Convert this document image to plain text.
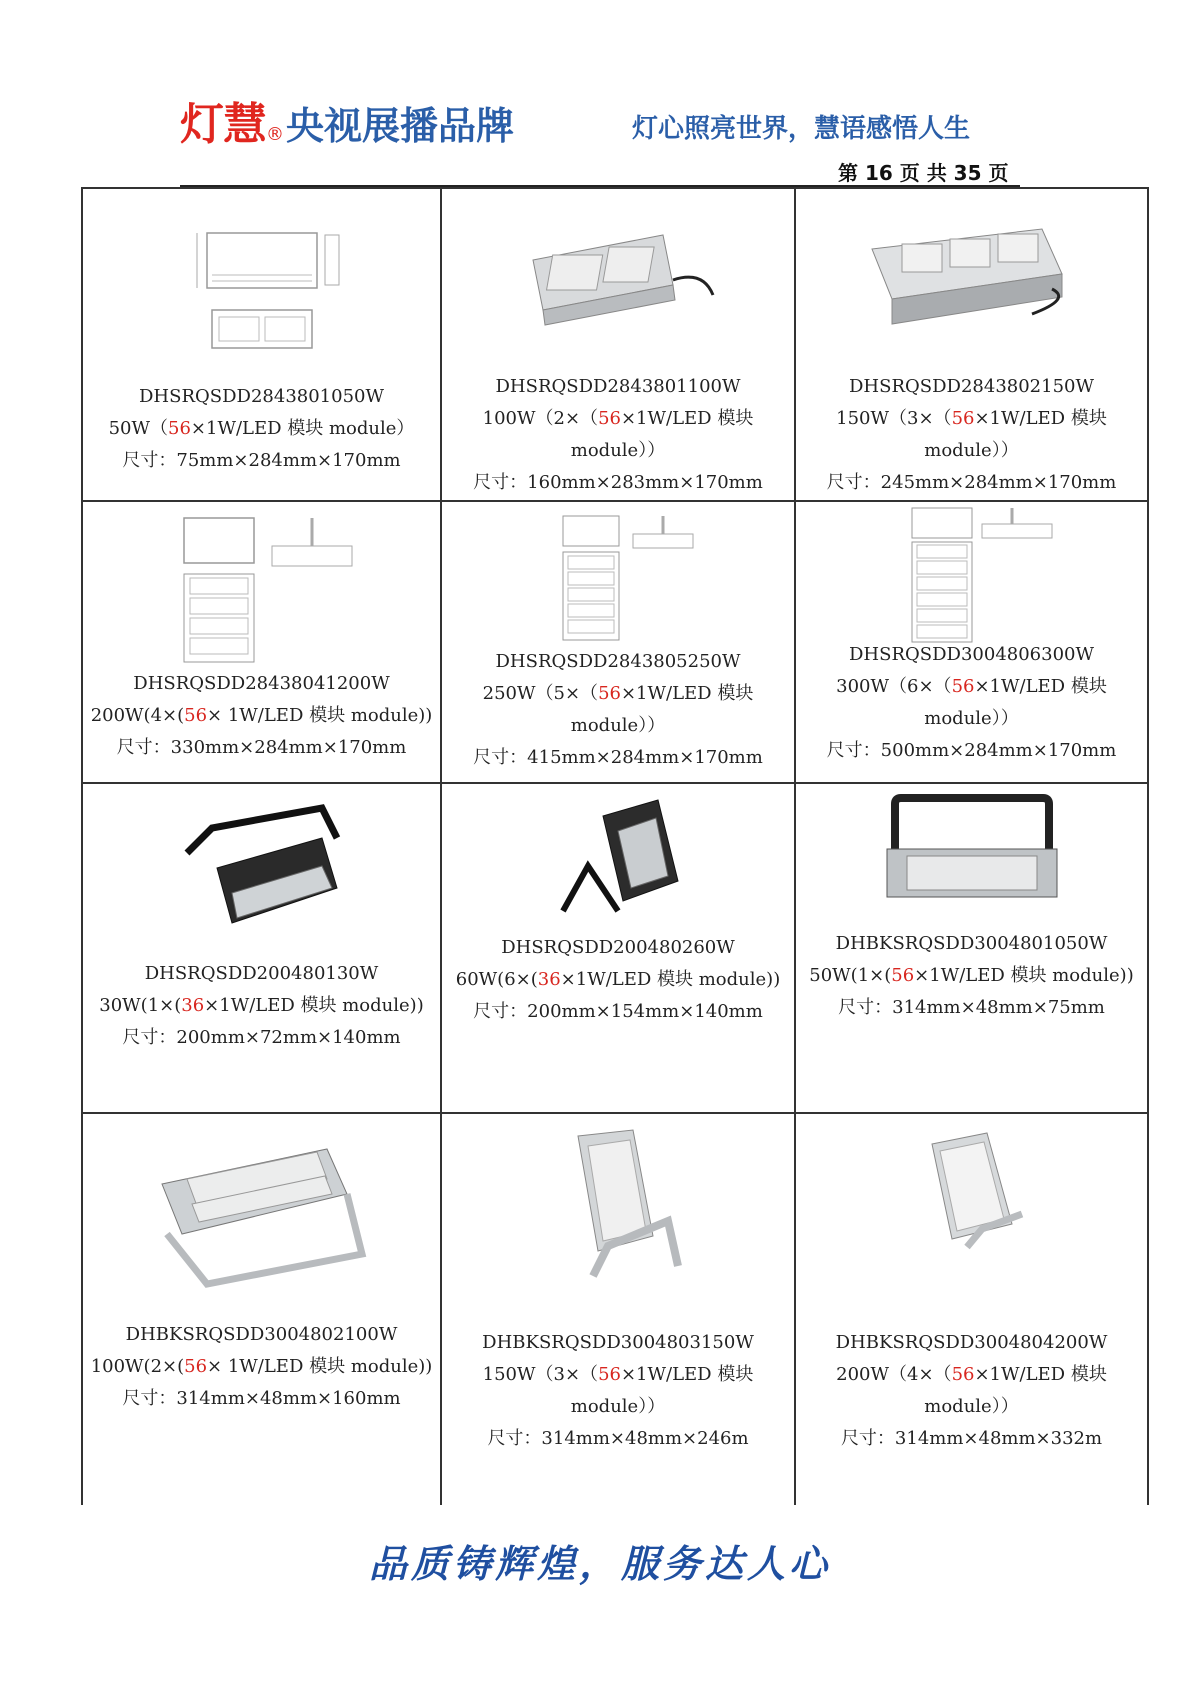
灯慧®央视展播品牌	灯心照亮世界，慧语感悟人生
第 16 页 共 35 页
DHSRQSDD2843801050W
50W（56×1W/LED 模块 module）
尺寸：75mm×284mm×170mm
DHSRQSDD2843801100W
100W（2×（56×1W/LED 模块
module））
尺寸：160mm×283mm×170mm
DHSRQSDD2843802150W
150W（3×（56×1W/LED 模块
module））
尺寸：245mm×284mm×170mm
DHSRQSDD28438041200W
200W(4×(56× 1W/LED 模块 module))
尺寸：330mm×284mm×170mm
DHSRQSDD2843805250W
250W（5×（56×1W/LED 模块
module））
尺寸：415mm×284mm×170mm
DHSRQSDD3004806300W
300W（6×（56×1W/LED 模块
module））
尺寸：500mm×284mm×170mm
DHSRQSDD200480130W
30W(1×(36×1W/LED 模块 module))
尺寸：200mm×72mm×140mm
DHSRQSDD200480260W
60W(6×(36×1W/LED 模块 module))
尺寸：200mm×154mm×140mm
DHBKSRQSDD3004801050W
50W(1×(56×1W/LED 模块 module))
尺寸：314mm×48mm×75mm
DHBKSRQSDD3004802100W
100W(2×(56× 1W/LED 模块 module))
尺寸：314mm×48mm×160mm
DHBKSRQSDD3004803150W
150W（3×（56×1W/LED 模块
module））
尺寸：314mm×48mm×246m
DHBKSRQSDD3004804200W
200W（4×（56×1W/LED 模块
module））
尺寸：314mm×48mm×332m
品质铸辉煌，服务达人心
